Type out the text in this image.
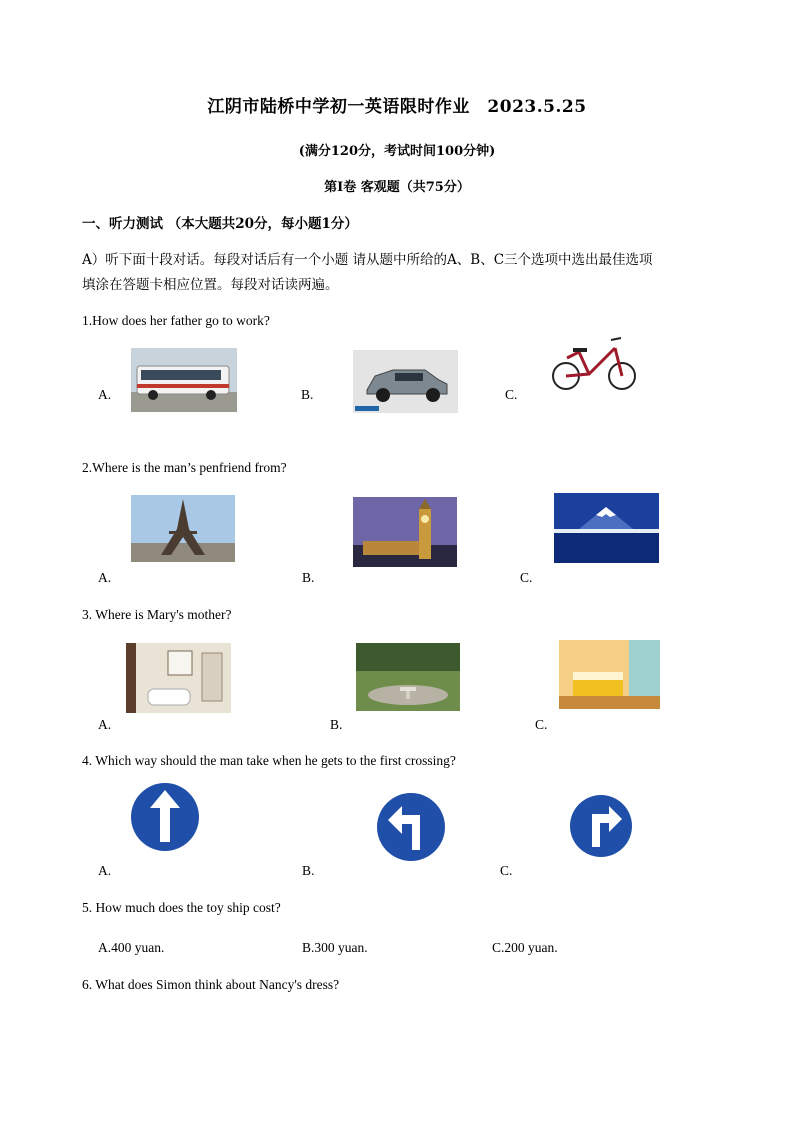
江阴市陆桥中学初一英语限时作业　2023.5.25
(满分120分，考试时间100分钟)
第Ⅰ卷 客观题（共75分）
一、听力测试 （本大题共20分，每小题1分）
A）听下面十段对话。每段对话后有一个小题 请从题中所给的A、B、C三个选项中选出最佳选项
填涂在答题卡相应位置。每段对话读两遍。
1.How does her father go to work?
A.	B.	C.
2.Where is the man’s penfriend from?
A.	B.	C.
3. Where is Mary's mother?
A.	B.	C.
4. Which way should the man take when he gets to the first crossing?
A.	B.	C.
5. How much does the toy ship cost?
A.400 yuan.	B.300 yuan.	C.200 yuan.
6. What does Simon think about Nancy's dress?
